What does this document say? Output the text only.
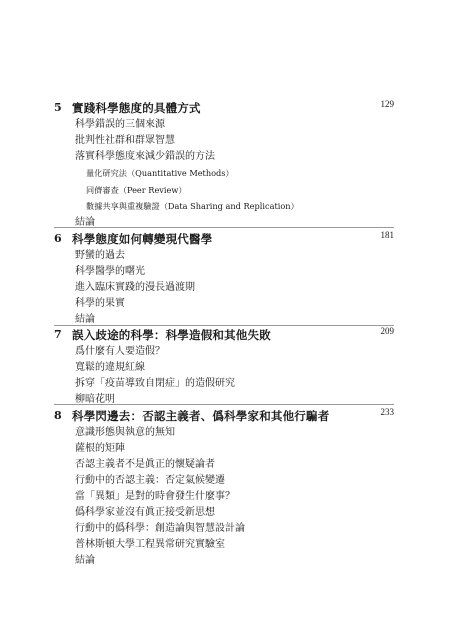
5 實踐科學態度的具體方式	129
科學錯誤的三個來源
批判性社群和群眾智慧
落實科學態度來減少錯誤的方法
量化研究法（Quantitative Methods）
同儕審查（Peer Review）
數據共享與重複驗證（Data Sharing and Replication）
結論
6 科學態度如何轉變現代醫學	181
野蠻的過去
科學醫學的曙光
進入臨床實踐的漫長過渡期
科學的果實
結論
7 誤入歧途的科學：科學造假和其他失敗	209
爲什麼有人要造假？
寬鬆的違規紅線
拆穿「疫苗導致自閉症」的造假研究
柳暗花明
8 科學閃邊去：否認主義者、僞科學家和其他行騙者	233
意識形態與執意的無知
薩根的矩陣
否認主義者不是眞正的懷疑論者
行動中的否認主義：否定氣候變遷
當「異類」是對的時會發生什麼事？
僞科學家並沒有眞正接受新思想
行動中的僞科學：創造論與智慧設計論
普林斯頓大學工程異常研究實驗室
結論
